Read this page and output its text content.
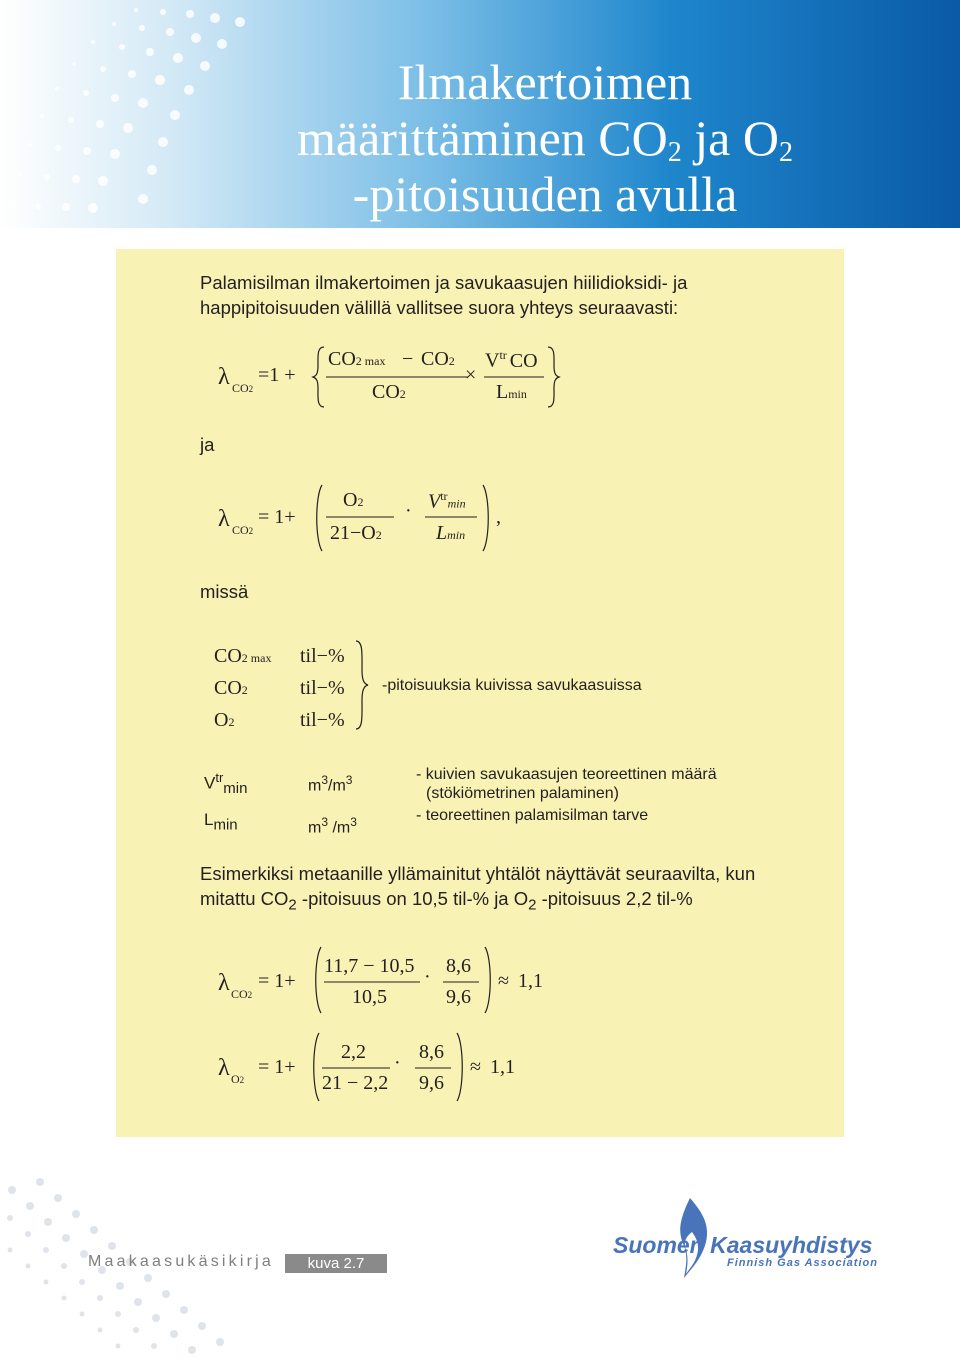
Ilmakertoimen
määrittäminen $CO_2$ ja $O_2$
-pitoisuuden avulla
Palamisilman ilmakertoimen ja savukaasujen hiilidioksidi- ja
happipitoisuuden välillä vallitsee suora yhteys seuraavasti:
λ CO2
=1 +
CO2 max − CO2
CO2
×
$V^{tr}$ CO
Lmin
ja
λ CO2
= 1+
O2
21−O2
· $V^{tr}\min$
Lmin
,
missä
CO2 max til−%
CO2	til−%
O2	til−%
-pitoisuuksia kuivissa savukaasuissa
$V^{tr}_{min}$	$m^3/m^3$	- kuivien savukaasujen teoreettinen määrä
(stökiömetrinen palaminen)
$L_{min}$	$m^3$ $/m^3$	- teoreettinen palamisilman tarve
Esimerkiksi metaanille yllämainitut yhtälöt näyttävät seuraavilta, kun
mitattu $CO_2$ -pitoisuus on 10,5 til-% ja $O_2$ -pitoisuus 2,2 til-%
λ CO2
= 1+
11,7 − 10,5
10,5
· 8,6
9,6
≈ 1,1
λ O2
= 1+
2,2
21 − 2,2
· 8,6
9,6
≈ 1,1
Maakaasukäsikirja	kuva 2.7
Suomen Kaasuyhdistys
Finnish Gas Association
